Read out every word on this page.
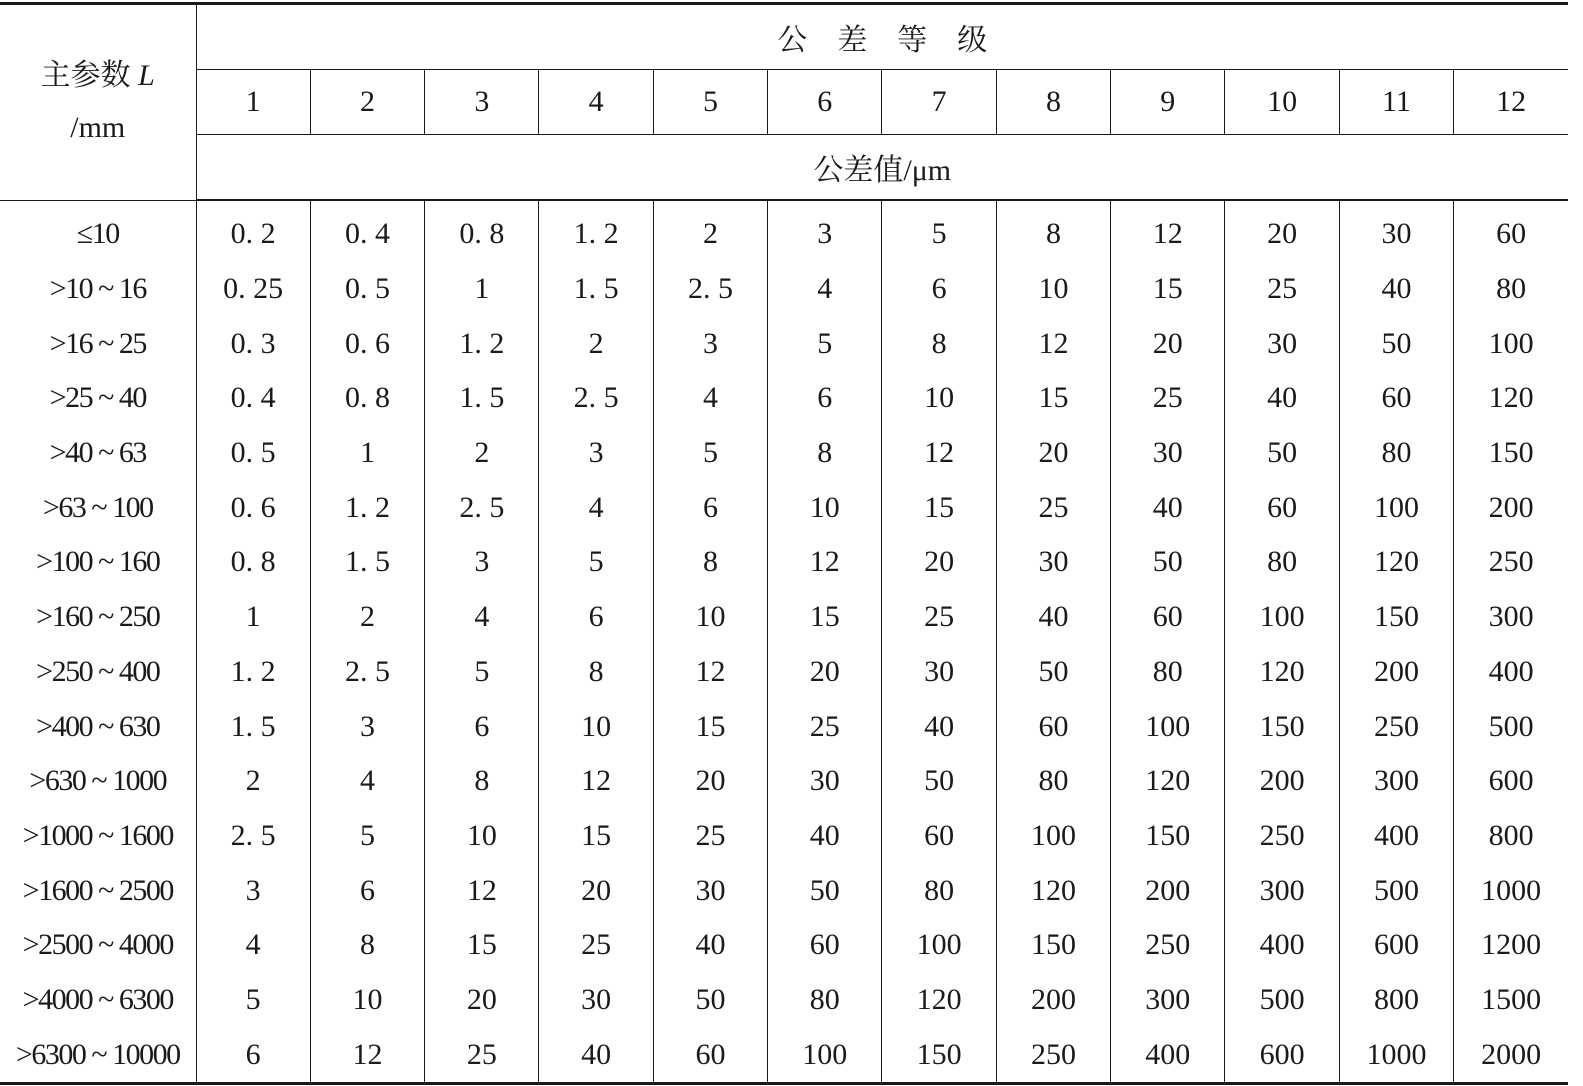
主参数 L
/mm	公差等级											
	1	2	3	4	5	6	7	8	9	10	11	12
	公差值/μm											
≤10	0. 2	0. 4	0. 8	1. 2	2	3	5	8	12	20	30	60
>10 ~ 16	0. 25	0. 5	1	1. 5	2. 5	4	6	10	15	25	40	80
>16 ~ 25	0. 3	0. 6	1. 2	2	3	5	8	12	20	30	50	100
>25 ~ 40	0. 4	0. 8	1. 5	2. 5	4	6	10	15	25	40	60	120
>40 ~ 63	0. 5	1	2	3	5	8	12	20	30	50	80	150
>63 ~ 100	0. 6	1. 2	2. 5	4	6	10	15	25	40	60	100	200
>100 ~ 160	0. 8	1. 5	3	5	8	12	20	30	50	80	120	250
>160 ~ 250	1	2	4	6	10	15	25	40	60	100	150	300
>250 ~ 400	1. 2	2. 5	5	8	12	20	30	50	80	120	200	400
>400 ~ 630	1. 5	3	6	10	15	25	40	60	100	150	250	500
>630 ~ 1000	2	4	8	12	20	30	50	80	120	200	300	600
>1000 ~ 1600	2. 5	5	10	15	25	40	60	100	150	250	400	800
>1600 ~ 2500	3	6	12	20	30	50	80	120	200	300	500	1000
>2500 ~ 4000	4	8	15	25	40	60	100	150	250	400	600	1200
>4000 ~ 6300	5	10	20	30	50	80	120	200	300	500	800	1500
>6300 ~ 10000	6	12	25	40	60	100	150	250	400	600	1000	2000
